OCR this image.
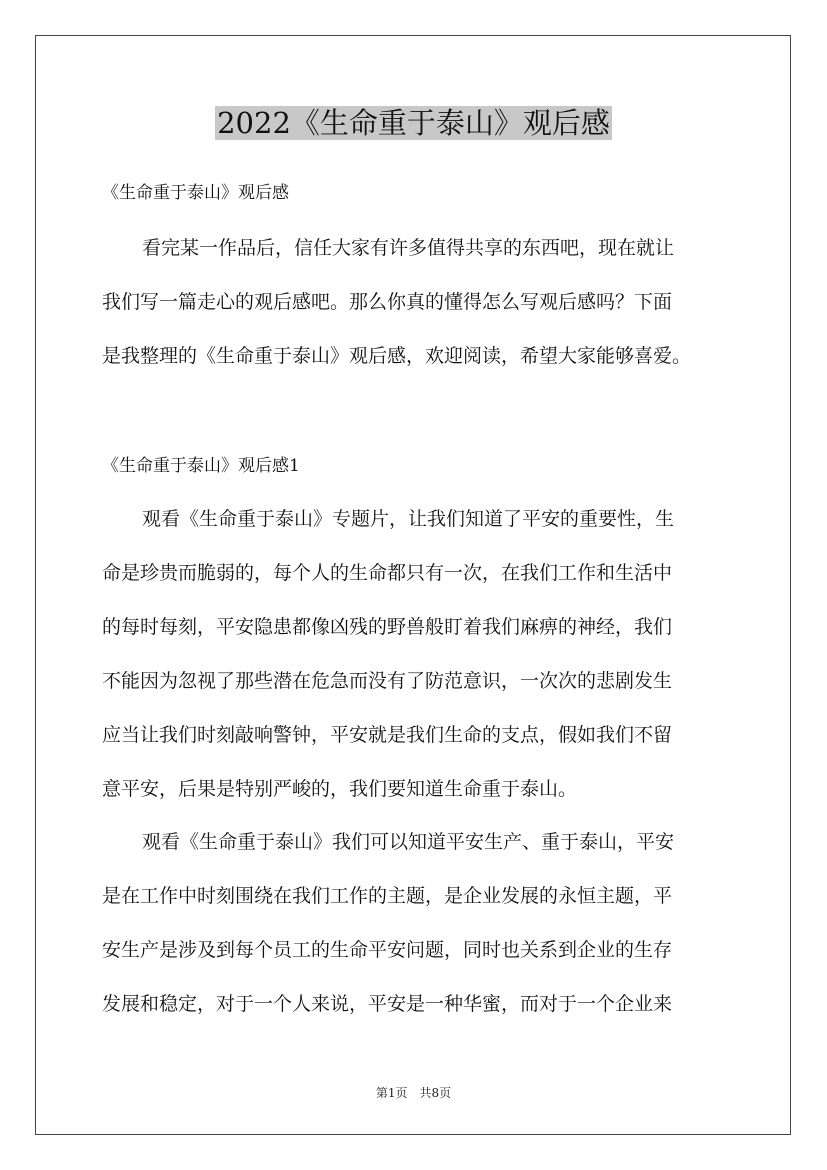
2022《生命重于泰山》观后感

《生命重于泰山》观后感

看完某一作品后，信任大家有许多值得共享的东西吧，现在就让
我们写一篇走心的观后感吧。那么你真的懂得怎么写观后感吗？下面
是我整理的《生命重于泰山》观后感，欢迎阅读，希望大家能够喜爱。

《生命重于泰山》观后感1

观看《生命重于泰山》专题片，让我们知道了平安的重要性，生
命是珍贵而脆弱的，每个人的生命都只有一次，在我们工作和生活中
的每时每刻，平安隐患都像凶残的野兽般盯着我们麻痹的神经，我们
不能因为忽视了那些潜在危急而没有了防范意识，一次次的悲剧发生
应当让我们时刻敲响警钟，平安就是我们生命的支点，假如我们不留
意平安，后果是特别严峻的，我们要知道生命重于泰山。

观看《生命重于泰山》我们可以知道平安生产、重于泰山，平安
是在工作中时刻围绕在我们工作的主题，是企业发展的永恒主题，平
安生产是涉及到每个员工的生命平安问题，同时也关系到企业的生存
发展和稳定，对于一个人来说，平安是一种华蜜，而对于一个企业来

第1页　共8页
